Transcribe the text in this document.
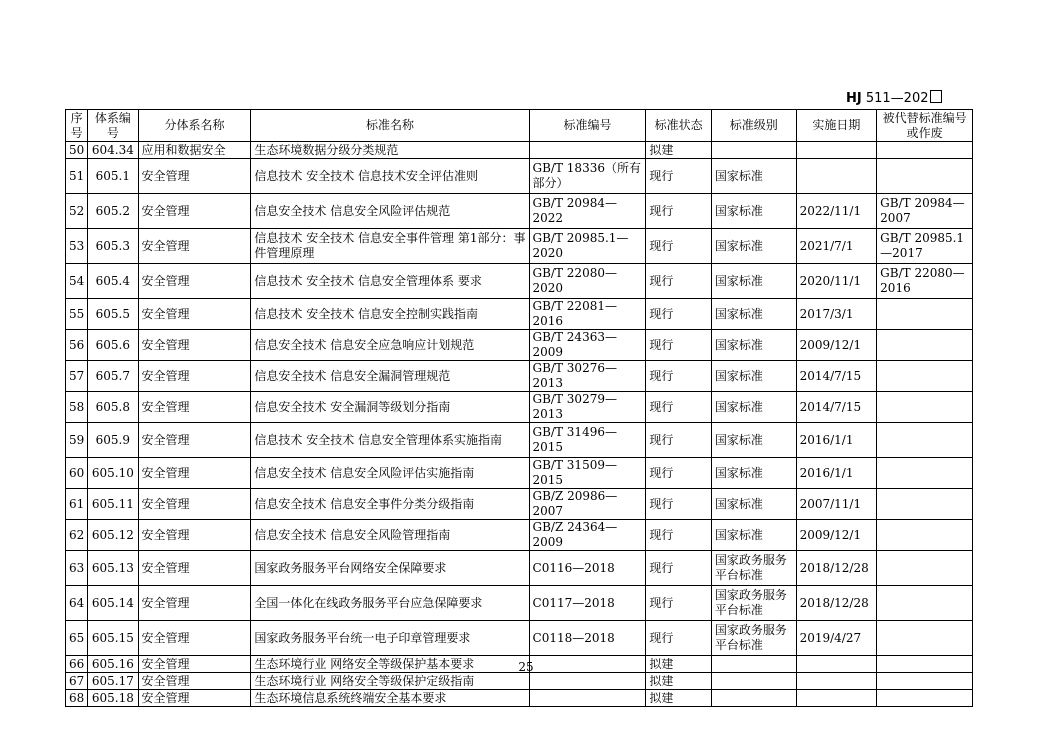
HJ 511—202
序号	体系编号	分体系名称	标准名称	标准编号	标准状态	标准级别	实施日期	被代替标准编号或作废
50	604.34	应用和数据安全	生态环境数据分级分类规范		拟建			
51	605.1	安全管理	信息技术 安全技术 信息技术安全评估准则	GB/T 18336（所有部分）	现行	国家标准		
52	605.2	安全管理	信息安全技术 信息安全风险评估规范	GB/T 20984—2022	现行	国家标准	2022/11/1	GB/T 20984—2007
53	605.3	安全管理	信息技术 安全技术 信息安全事件管理 第1部分：事件管理原理	GB/T 20985.1—2020	现行	国家标准	2021/7/1	GB/T 20985.1—2017
54	605.4	安全管理	信息技术 安全技术 信息安全管理体系 要求	GB/T 22080—2020	现行	国家标准	2020/11/1	GB/T 22080—2016
55	605.5	安全管理	信息技术 安全技术 信息安全控制实践指南	GB/T 22081—2016	现行	国家标准	2017/3/1	
56	605.6	安全管理	信息安全技术 信息安全应急响应计划规范	GB/T 24363—2009	现行	国家标准	2009/12/1	
57	605.7	安全管理	信息安全技术 信息安全漏洞管理规范	GB/T 30276—2013	现行	国家标准	2014/7/15	
58	605.8	安全管理	信息安全技术 安全漏洞等级划分指南	GB/T 30279—2013	现行	国家标准	2014/7/15	
59	605.9	安全管理	信息技术 安全技术 信息安全管理体系实施指南	GB/T 31496—2015	现行	国家标准	2016/1/1	
60	605.10	安全管理	信息安全技术 信息安全风险评估实施指南	GB/T 31509—2015	现行	国家标准	2016/1/1	
61	605.11	安全管理	信息安全技术 信息安全事件分类分级指南	GB/Z 20986—2007	现行	国家标准	2007/11/1	
62	605.12	安全管理	信息安全技术 信息安全风险管理指南	GB/Z 24364—2009	现行	国家标准	2009/12/1	
63	605.13	安全管理	国家政务服务平台网络安全保障要求	C0116—2018	现行	国家政务服务平台标准	2018/12/28	
64	605.14	安全管理	全国一体化在线政务服务平台应急保障要求	C0117—2018	现行	国家政务服务平台标准	2018/12/28	
65	605.15	安全管理	国家政务服务平台统一电子印章管理要求	C0118—2018	现行	国家政务服务平台标准	2019/4/27	
66	605.16	安全管理	生态环境行业 网络安全等级保护基本要求		拟建			
67	605.17	安全管理	生态环境行业 网络安全等级保护定级指南		拟建			
68	605.18	安全管理	生态环境信息系统终端安全基本要求		拟建			
25
